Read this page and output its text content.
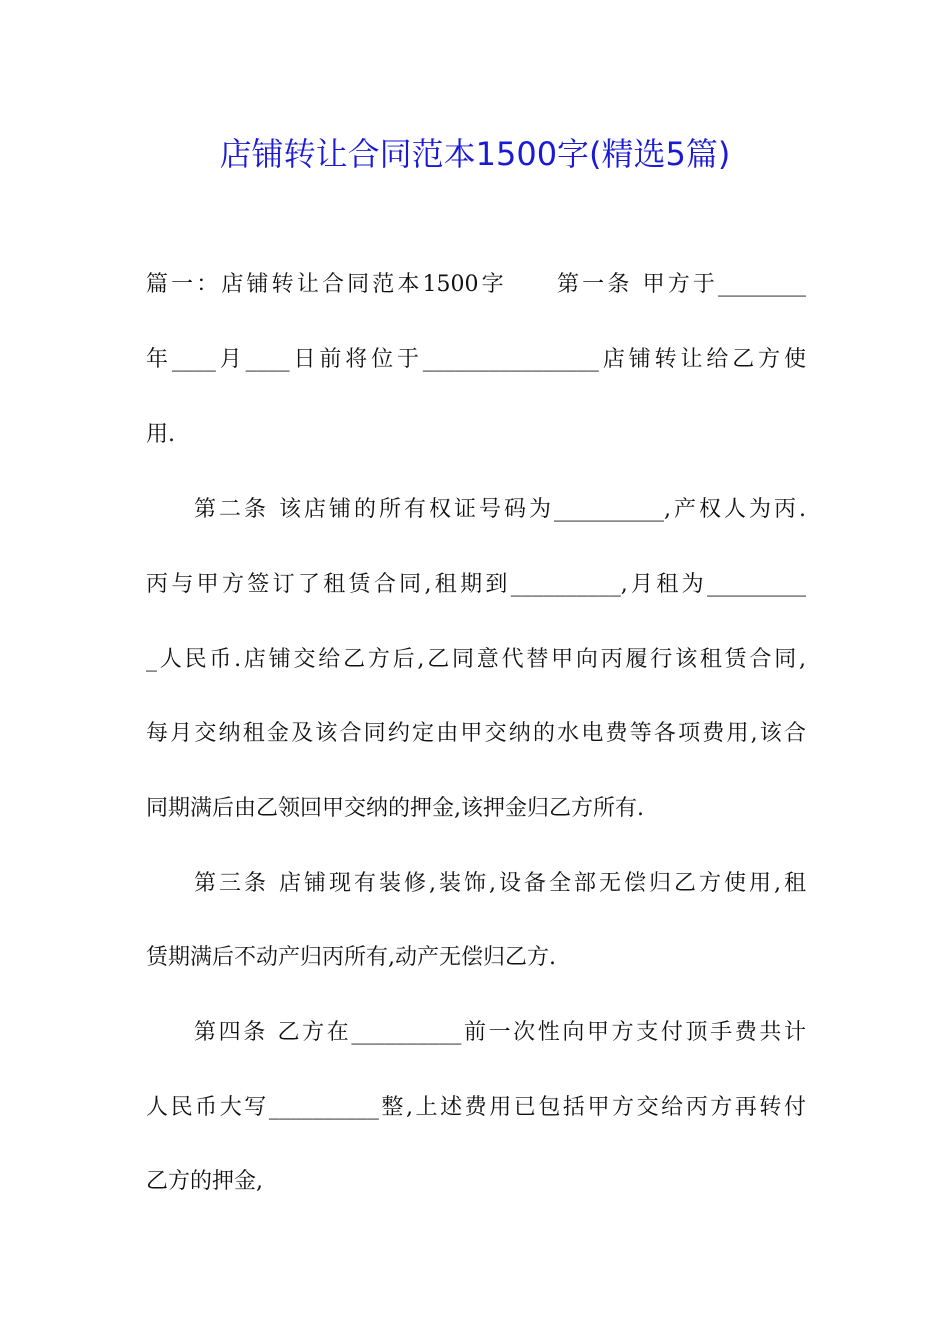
店铺转让合同范本1500字(精选5篇)
篇一：店铺转让合同范本1500字　　第一条 甲方于________
年____月____日前将位于________________店铺转让给乙方使
用.
第二条 该店铺的所有权证号码为__________,产权人为丙.
丙与甲方签订了租赁合同,租期到__________,月租为_________
_人民币.店铺交给乙方后,乙同意代替甲向丙履行该租赁合同,
每月交纳租金及该合同约定由甲交纳的水电费等各项费用,该合
同期满后由乙领回甲交纳的押金,该押金归乙方所有.
第三条 店铺现有装修,装饰,设备全部无偿归乙方使用,租
赁期满后不动产归丙所有,动产无偿归乙方.
第四条 乙方在__________前一次性向甲方支付顶手费共计
人民币大写__________整,上述费用已包括甲方交给丙方再转付
乙方的押金,
